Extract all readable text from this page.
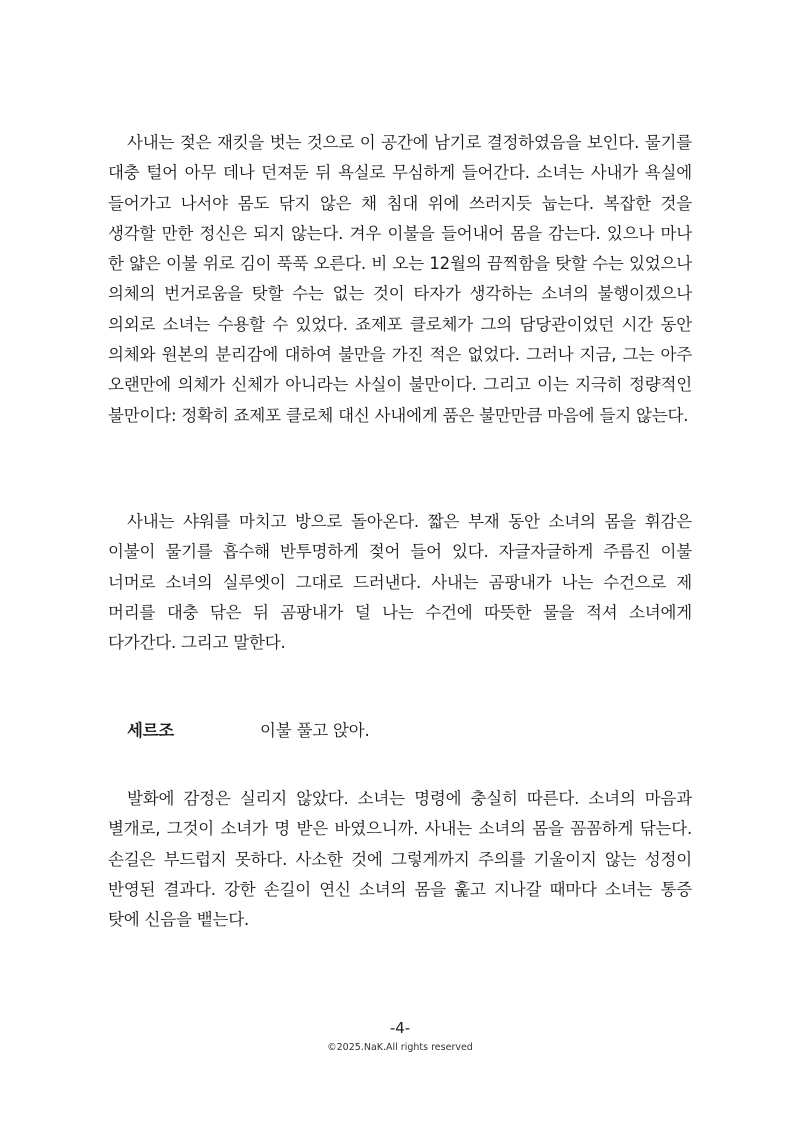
사내는 젖은 재킷을 벗는 것으로 이 공간에 남기로 결정하였음을 보인다. 물기를 대충 털어 아무 데나 던져둔 뒤 욕실로 무심하게 들어간다. 소녀는 사내가 욕실에 들어가고 나서야 몸도 닦지 않은 채 침대 위에 쓰러지듯 눕는다. 복잡한 것을 생각할 만한 정신은 되지 않는다. 겨우 이불을 들어내어 몸을 감는다. 있으나 마나 한 얇은 이불 위로 김이 푹푹 오른다. 비 오는 12월의 끔찍함을 탓할 수는 있었으나 의체의 번거로움을 탓할 수는 없는 것이 타자가 생각하는 소녀의 불행이겠으나 의외로 소녀는 수용할 수 있었다. 죠제포 클로체가 그의 담당관이었던 시간 동안 의체와 원본의 분리감에 대하여 불만을 가진 적은 없었다. 그러나 지금, 그는 아주 오랜만에 의체가 신체가 아니라는 사실이 불만이다. 그리고 이는 지극히 정량적인 불만이다: 정확히 죠제포 클로체 대신 사내에게 품은 불만만큼 마음에 들지 않는다.

사내는 샤워를 마치고 방으로 돌아온다. 짧은 부재 동안 소녀의 몸을 휘감은 이불이 물기를 흡수해 반투명하게 젖어 들어 있다. 자글자글하게 주름진 이불 너머로 소녀의 실루엣이 그대로 드러낸다. 사내는 곰팡내가 나는 수건으로 제 머리를 대충 닦은 뒤 곰팡내가 덜 나는 수건에 따뜻한 물을 적셔 소녀에게 다가간다. 그리고 말한다.

세르조	이불 풀고 앉아.

발화에 감정은 실리지 않았다. 소녀는 명령에 충실히 따른다. 소녀의 마음과 별개로, 그것이 소녀가 명 받은 바였으니까. 사내는 소녀의 몸을 꼼꼼하게 닦는다. 손길은 부드럽지 못하다. 사소한 것에 그렇게까지 주의를 기울이지 않는 성정이 반영된 결과다. 강한 손길이 연신 소녀의 몸을 훑고 지나갈 때마다 소녀는 통증 탓에 신음을 뱉는다.

-4-
©2025.NaK.All rights reserved
